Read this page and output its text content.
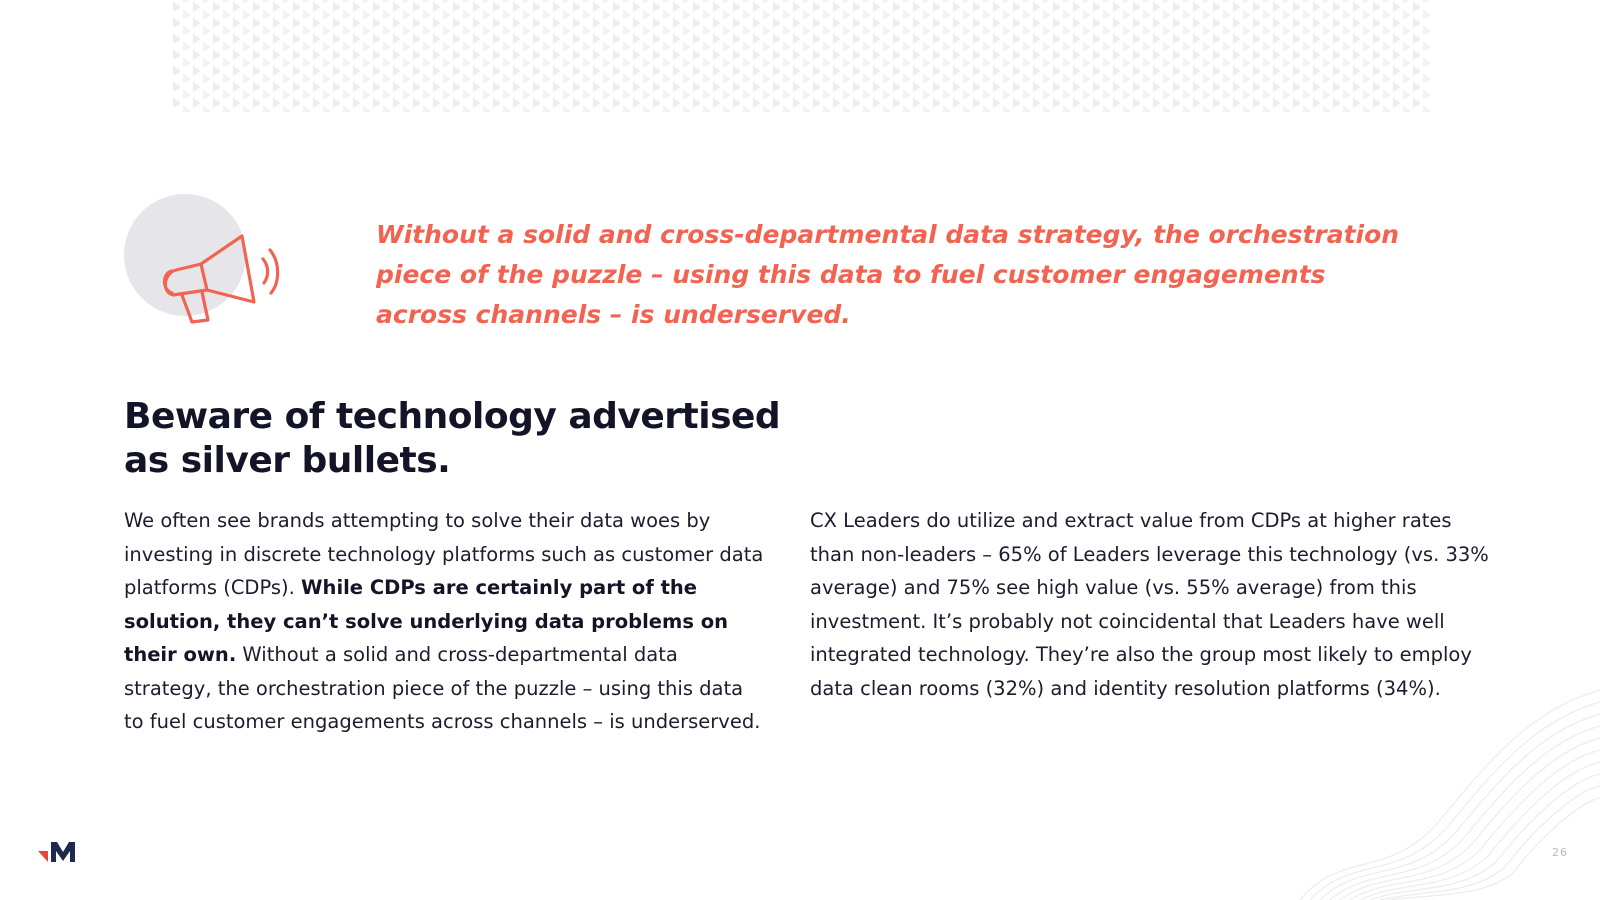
Without a solid and cross-departmental data strategy, the orchestration piece of the puzzle – using this data to fuel customer engagements across channels – is underserved.

Beware of technology advertised as silver bullets.

We often see brands attempting to solve their data woes by investing in discrete technology platforms such as customer data platforms (CDPs). While CDPs are certainly part of the solution, they can’t solve underlying data problems on their own. Without a solid and cross-departmental data strategy, the orchestration piece of the puzzle – using this data to fuel customer engagements across channels – is underserved.

CX Leaders do utilize and extract value from CDPs at higher rates than non-leaders – 65% of Leaders leverage this technology (vs. 33% average) and 75% see high value (vs. 55% average) from this investment. It’s probably not coincidental that Leaders have well integrated technology. They’re also the group most likely to employ data clean rooms (32%) and identity resolution platforms (34%).

26
